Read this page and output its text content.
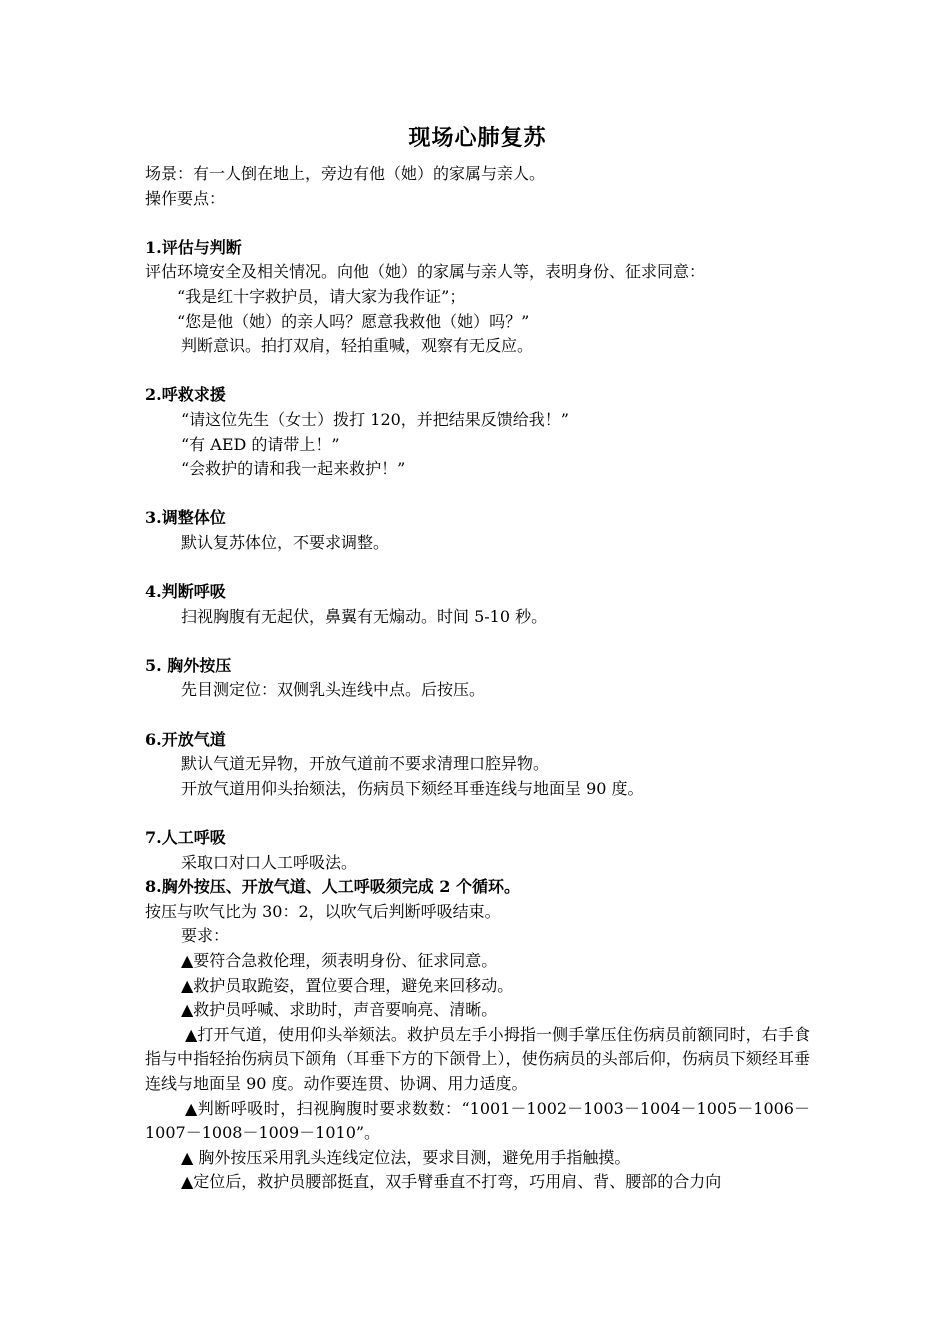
现场心肺复苏

场景：有一人倒在地上，旁边有他（她）的家属与亲人。

操作要点：

1.评估与判断

评估环境安全及相关情况。向他（她）的家属与亲人等，表明身份、征求同意：

“我是红十字救护员，请大家为我作证”；

“您是他（她）的亲人吗？愿意我救他（她）吗？”

判断意识。拍打双肩，轻拍重喊，观察有无反应。

2.呼救求援

“请这位先生（女士）拨打 120，并把结果反馈给我！”

“有 AED 的请带上！”

“会救护的请和我一起来救护！”

3.调整体位

默认复苏体位，不要求调整。

4.判断呼吸

扫视胸腹有无起伏，鼻翼有无煽动。时间 5-10 秒。

5. 胸外按压

先目测定位：双侧乳头连线中点。后按压。

6.开放气道

默认气道无异物，开放气道前不要求清理口腔异物。

开放气道用仰头抬颏法，伤病员下颏经耳垂连线与地面呈 90 度。

7.人工呼吸

采取口对口人工呼吸法。

8.胸外按压、开放气道、人工呼吸须完成 2 个循环。

按压与吹气比为 30：2，以吹气后判断呼吸结束。

要求：

▲要符合急救伦理，须表明身份、征求同意。

▲救护员取跪姿，置位要合理，避免来回移动。

▲救护员呼喊、求助时，声音要响亮、清晰。

▲打开气道，使用仰头举颏法。救护员左手小拇指一侧手掌压住伤病员前额同时，右手食指与中指轻抬伤病员下颌角（耳垂下方的下颌骨上），使伤病员的头部后仰，伤病员下颏经耳垂连线与地面呈 90 度。动作要连贯、协调、用力适度。

▲判断呼吸时，扫视胸腹时要求数数：“1001－1002－1003－1004－1005－1006－1007－1008－1009－1010”。

▲ 胸外按压采用乳头连线定位法，要求目测，避免用手指触摸。

▲定位后，救护员腰部挺直，双手臂垂直不打弯，巧用肩、背、腰部的合力向
